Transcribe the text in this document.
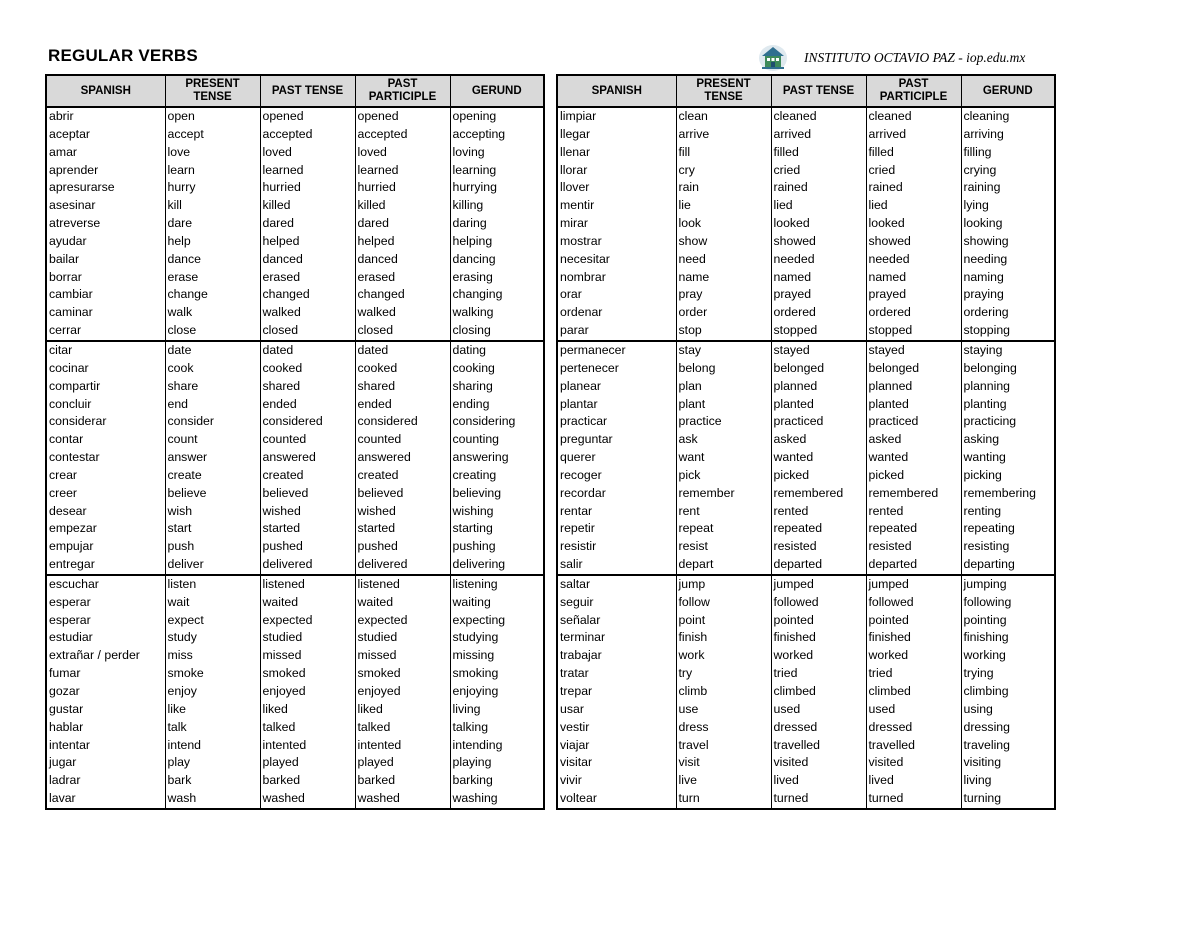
REGULAR VERBS	INSTITUTO OCTAVIO PAZ - iop.edu.mx
SPANISH	PRESENT TENSE	PAST TENSE	PAST PARTICIPLE	GERUND
abrir	open	opened	opened	opening
aceptar	accept	accepted	accepted	accepting
amar	love	loved	loved	loving
aprender	learn	learned	learned	learning
apresurarse	hurry	hurried	hurried	hurrying
asesinar	kill	killed	killed	killing
atreverse	dare	dared	dared	daring
ayudar	help	helped	helped	helping
bailar	dance	danced	danced	dancing
borrar	erase	erased	erased	erasing
cambiar	change	changed	changed	changing
caminar	walk	walked	walked	walking
cerrar	close	closed	closed	closing
citar	date	dated	dated	dating
cocinar	cook	cooked	cooked	cooking
compartir	share	shared	shared	sharing
concluir	end	ended	ended	ending
considerar	consider	considered	considered	considering
contar	count	counted	counted	counting
contestar	answer	answered	answered	answering
crear	create	created	created	creating
creer	believe	believed	believed	believing
desear	wish	wished	wished	wishing
empezar	start	started	started	starting
empujar	push	pushed	pushed	pushing
entregar	deliver	delivered	delivered	delivering
escuchar	listen	listened	listened	listening
esperar	wait	waited	waited	waiting
esperar	expect	expected	expected	expecting
estudiar	study	studied	studied	studying
extrañar / perder	miss	missed	missed	missing
fumar	smoke	smoked	smoked	smoking
gozar	enjoy	enjoyed	enjoyed	enjoying
gustar	like	liked	liked	living
hablar	talk	talked	talked	talking
intentar	intend	intented	intented	intending
jugar	play	played	played	playing
ladrar	bark	barked	barked	barking
lavar	wash	washed	washed	washing
SPANISH	PRESENT TENSE	PAST TENSE	PAST PARTICIPLE	GERUND
limpiar	clean	cleaned	cleaned	cleaning
llegar	arrive	arrived	arrived	arriving
llenar	fill	filled	filled	filling
llorar	cry	cried	cried	crying
llover	rain	rained	rained	raining
mentir	lie	lied	lied	lying
mirar	look	looked	looked	looking
mostrar	show	showed	showed	showing
necesitar	need	needed	needed	needing
nombrar	name	named	named	naming
orar	pray	prayed	prayed	praying
ordenar	order	ordered	ordered	ordering
parar	stop	stopped	stopped	stopping
permanecer	stay	stayed	stayed	staying
pertenecer	belong	belonged	belonged	belonging
planear	plan	planned	planned	planning
plantar	plant	planted	planted	planting
practicar	practice	practiced	practiced	practicing
preguntar	ask	asked	asked	asking
querer	want	wanted	wanted	wanting
recoger	pick	picked	picked	picking
recordar	remember	remembered	remembered	remembering
rentar	rent	rented	rented	renting
repetir	repeat	repeated	repeated	repeating
resistir	resist	resisted	resisted	resisting
salir	depart	departed	departed	departing
saltar	jump	jumped	jumped	jumping
seguir	follow	followed	followed	following
señalar	point	pointed	pointed	pointing
terminar	finish	finished	finished	finishing
trabajar	work	worked	worked	working
tratar	try	tried	tried	trying
trepar	climb	climbed	climbed	climbing
usar	use	used	used	using
vestir	dress	dressed	dressed	dressing
viajar	travel	travelled	travelled	traveling
visitar	visit	visited	visited	visiting
vivir	live	lived	lived	living
voltear	turn	turned	turned	turning
